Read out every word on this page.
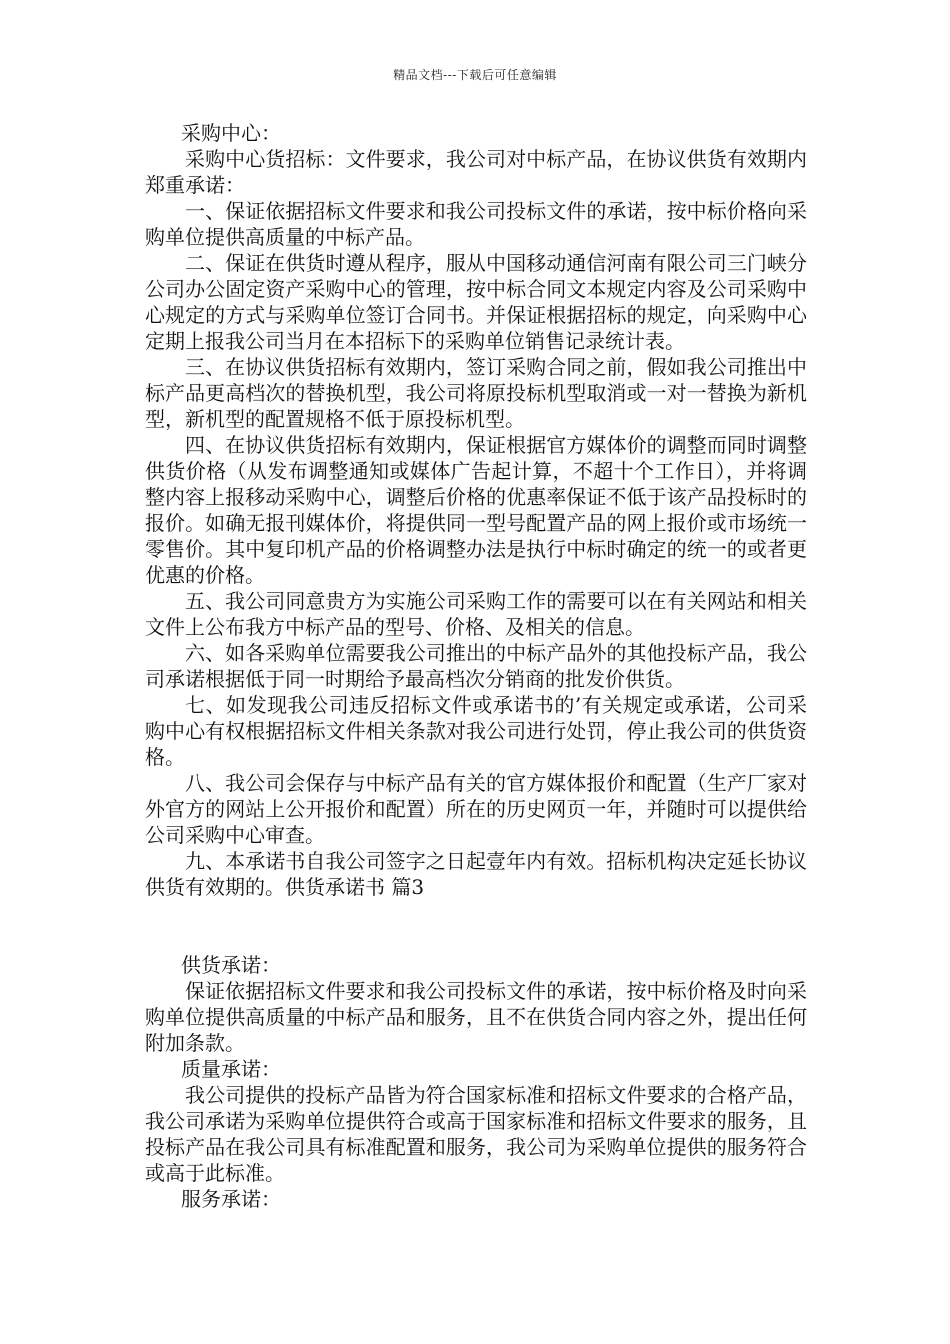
精品文档---下载后可任意编辑

采购中心：

采购中心货招标：文件要求，我公司对中标产品，在协议供货有效期内郑重承诺：

一、保证依据招标文件要求和我公司投标文件的承诺，按中标价格向采购单位提供高质量的中标产品。

二、保证在供货时遵从程序，服从中国移动通信河南有限公司三门峡分公司办公固定资产采购中心的管理，按中标合同文本规定内容及公司采购中心规定的方式与采购单位签订合同书。并保证根据招标的规定，向采购中心定期上报我公司当月在本招标下的采购单位销售记录统计表。

三、在协议供货招标有效期内，签订采购合同之前，假如我公司推出中标产品更高档次的替换机型，我公司将原投标机型取消或一对一替换为新机型，新机型的配置规格不低于原投标机型。

四、在协议供货招标有效期内，保证根据官方媒体价的调整而同时调整供货价格（从发布调整通知或媒体广告起计算，不超十个工作日），并将调整内容上报移动采购中心，调整后价格的优惠率保证不低于该产品投标时的报价。如确无报刊媒体价，将提供同一型号配置产品的网上报价或市场统一零售价。其中复印机产品的价格调整办法是执行中标时确定的统一的或者更优惠的价格。

五、我公司同意贵方为实施公司采购工作的需要可以在有关网站和相关文件上公布我方中标产品的型号、价格、及相关的信息。

六、如各采购单位需要我公司推出的中标产品外的其他投标产品，我公司承诺根据低于同一时期给予最高档次分销商的批发价供货。

七、如发现我公司违反招标文件或承诺书的’有关规定或承诺，公司采购中心有权根据招标文件相关条款对我公司进行处罚，停止我公司的供货资格。

八、我公司会保存与中标产品有关的官方媒体报价和配置（生产厂家对外官方的网站上公开报价和配置）所在的历史网页一年，并随时可以提供给公司采购中心审查。

九、本承诺书自我公司签字之日起壹年内有效。招标机构决定延长协议供货有效期的。供货承诺书 篇3

供货承诺：

保证依据招标文件要求和我公司投标文件的承诺，按中标价格及时向采购单位提供高质量的中标产品和服务，且不在供货合同内容之外，提出任何附加条款。

质量承诺：

我公司提供的投标产品皆为符合国家标准和招标文件要求的合格产品，我公司承诺为采购单位提供符合或高于国家标准和招标文件要求的服务，且投标产品在我公司具有标准配置和服务，我公司为采购单位提供的服务符合或高于此标准。

服务承诺：
